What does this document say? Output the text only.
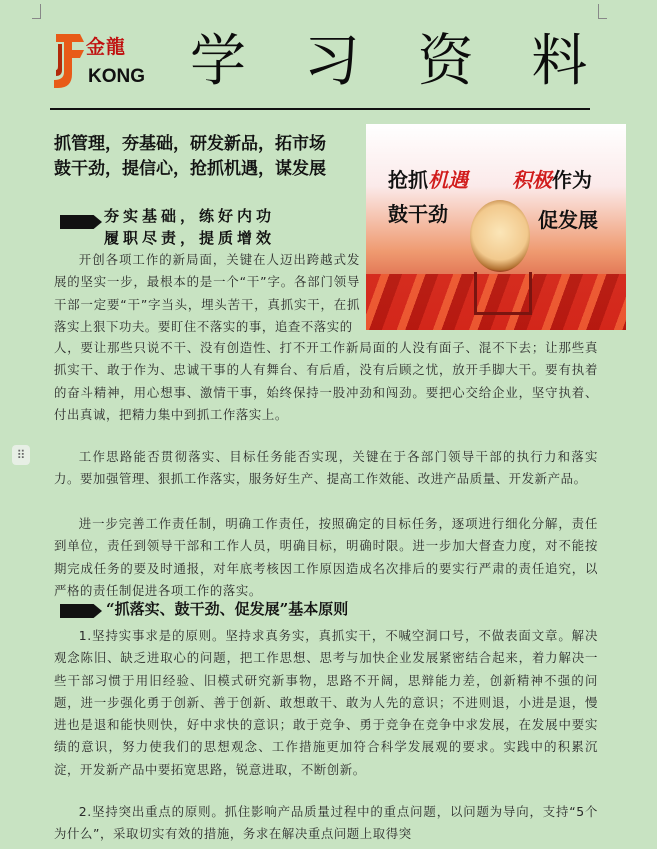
金龍
KONG 学 习 资 料
抓管理，夯基础，研发新品，拓市场
鼓干劲，提信心，抢抓机遇，谋发展	抢抓机遇 积极作为
鼓干劲	促发展
夯实基础，练好内功
履职尽责，提质增效
⠿
开创各项工作的新局面，关键在人迈出跨越式发展的坚实一步，最根本的是一个“干”字。各部门领导干部一定要“干”字当头，埋头苦干，真抓实干，在抓落实上狠下功夫。要盯住不落实的事，追查不落实的
人，要让那些只说不干、没有创造性、打不开工作新局面的人没有面子、混不下去；让那些真抓实干、敢于作为、忠诚干事的人有舞台、有后盾，没有后顾之忧，放开手脚大干。要有执着的奋斗精神，用心想事、激情干事，始终保持一股冲劲和闯劲。要把心交给企业，坚守执着、付出真诚，把精力集中到抓工作落实上。
工作思路能否贯彻落实、目标任务能否实现，关键在于各部门领导干部的执行力和落实力。要加强管理、狠抓工作落实，服务好生产、提高工作效能、改进产品质量、开发新产品。
进一步完善工作责任制，明确工作责任，按照确定的目标任务，逐项进行细化分解，责任到单位，责任到领导干部和工作人员，明确目标，明确时限。进一步加大督查力度，对不能按期完成任务的要及时通报，对年底考核因工作原因造成名次排后的要实行严肃的责任追究，以严格的责任制促进各项工作的落实。
“抓落实、鼓干劲、促发展”基本原则
1.坚持实事求是的原则。坚持求真务实，真抓实干，不喊空洞口号，不做表面文章。解决观念陈旧、缺乏进取心的问题，把工作思想、思考与加快企业发展紧密结合起来，着力解决一些干部习惯于用旧经验、旧模式研究新事物，思路不开阔，思辩能力差，创新精神不强的问题，进一步强化勇于创新、善于创新、敢想敢干、敢为人先的意识；不进则退，小进是退，慢进也是退和能快则快，好中求快的意识；敢于竞争、勇于竞争在竞争中求发展，在发展中要实绩的意识，努力使我们的思想观念、工作措施更加符合科学发展观的要求。实践中的积累沉淀，开发新产品中要拓宽思路，锐意进取，不断创新。
2.坚持突出重点的原则。抓住影响产品质量过程中的重点问题，以问题为导向，支持“5个为什么”，采取切实有效的措施，务求在解决重点问题上取得突
